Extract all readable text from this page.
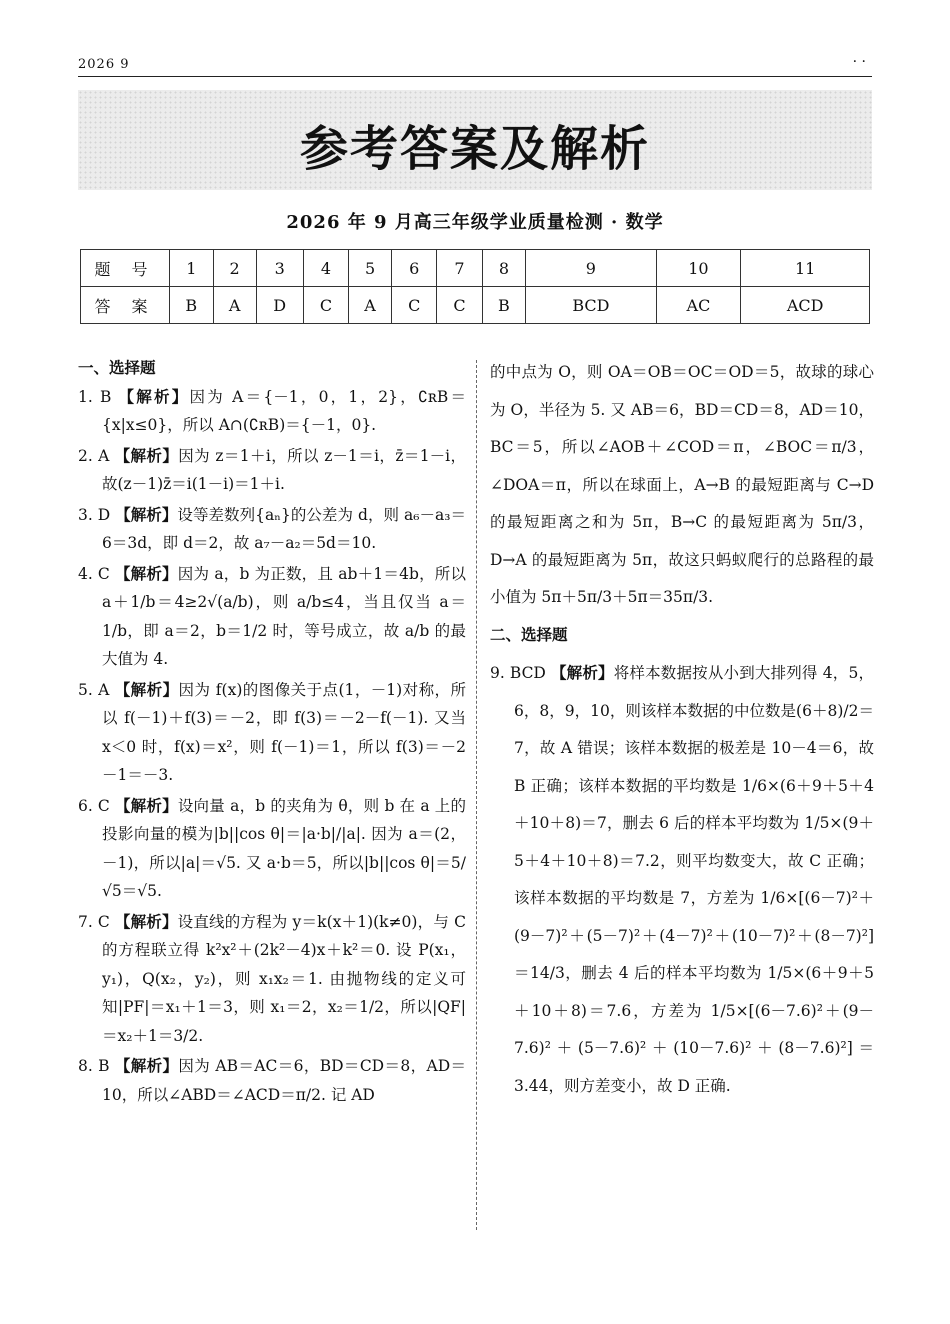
2026 9	· ·
参考答案及解析
2026 年 9 月高三年级学业质量检测 · 数学
题 号	1	2	3	4	5	6	7	8	9	10	11
答 案	B	A	D	C	A	C	C	B	BCD	AC	ACD
一、选择题
1. B 【解析】因为 A＝{－1，0，1，2}，∁ʀB＝{x|x≤0}，所以 A∩(∁ʀB)＝{－1，0}.
2. A 【解析】因为 z＝1＋i，所以 z－1＝i，z̄＝1－i，故(z－1)z̄＝i(1－i)＝1＋i.
3. D 【解析】设等差数列{aₙ}的公差为 d，则 a₆－a₃＝6＝3d，即 d＝2，故 a₇－a₂＝5d＝10.
4. C 【解析】因为 a，b 为正数，且 ab＋1＝4b，所以 a＋1/b＝4≥2√(a/b)，则 a/b≤4，当且仅当 a＝1/b，即 a＝2，b＝1/2 时，等号成立，故 a/b 的最大值为 4.
5. A 【解析】因为 f(x)的图像关于点(1，－1)对称，所以 f(－1)＋f(3)＝－2，即 f(3)＝－2－f(－1). 又当 x＜0 时，f(x)＝x²，则 f(－1)＝1，所以 f(3)＝－2－1＝－3.
6. C 【解析】设向量 a，b 的夹角为 θ，则 b 在 a 上的投影向量的模为|b||cos θ|＝|a·b|/|a|. 因为 a＝(2，－1)，所以|a|＝√5. 又 a·b＝5，所以|b||cos θ|＝5/√5＝√5.
7. C 【解析】设直线的方程为 y＝k(x＋1)(k≠0)，与 C 的方程联立得 k²x²＋(2k²－4)x＋k²＝0. 设 P(x₁，y₁)，Q(x₂，y₂)，则 x₁x₂＝1. 由抛物线的定义可知|PF|＝x₁＋1＝3，则 x₁＝2，x₂＝1/2，所以|QF|＝x₂＋1＝3/2.
8. B 【解析】因为 AB＝AC＝6，BD＝CD＝8，AD＝10，所以∠ABD＝∠ACD＝π/2. 记 AD
的中点为 O，则 OA＝OB＝OC＝OD＝5，故球的球心为 O，半径为 5. 又 AB＝6，BD＝CD＝8，AD＝10，BC＝5，所以∠AOB＋∠COD＝π，∠BOC＝π/3，∠DOA＝π，所以在球面上，A→B 的最短距离与 C→D 的最短距离之和为 5π，B→C 的最短距离为 5π/3，D→A 的最短距离为 5π，故这只蚂蚁爬行的总路程的最小值为 5π＋5π/3＋5π＝35π/3.
二、选择题
9. BCD 【解析】将样本数据按从小到大排列得 4，5，6，8，9，10，则该样本数据的中位数是(6＋8)/2＝7，故 A 错误；该样本数据的极差是 10－4＝6，故 B 正确；该样本数据的平均数是 1/6×(6＋9＋5＋4＋10＋8)＝7，删去 6 后的样本平均数为 1/5×(9＋5＋4＋10＋8)＝7.2，则平均数变大，故 C 正确；该样本数据的平均数是 7，方差为 1/6×[(6－7)²＋(9－7)²＋(5－7)²＋(4－7)²＋(10－7)²＋(8－7)²]＝14/3，删去 4 后的样本平均数为 1/5×(6＋9＋5＋10＋8)＝7.6，方差为 1/5×[(6－7.6)²＋(9－7.6)²＋(5－7.6)²＋(10－7.6)²＋(8－7.6)²]＝3.44，则方差变小，故 D 正确.
